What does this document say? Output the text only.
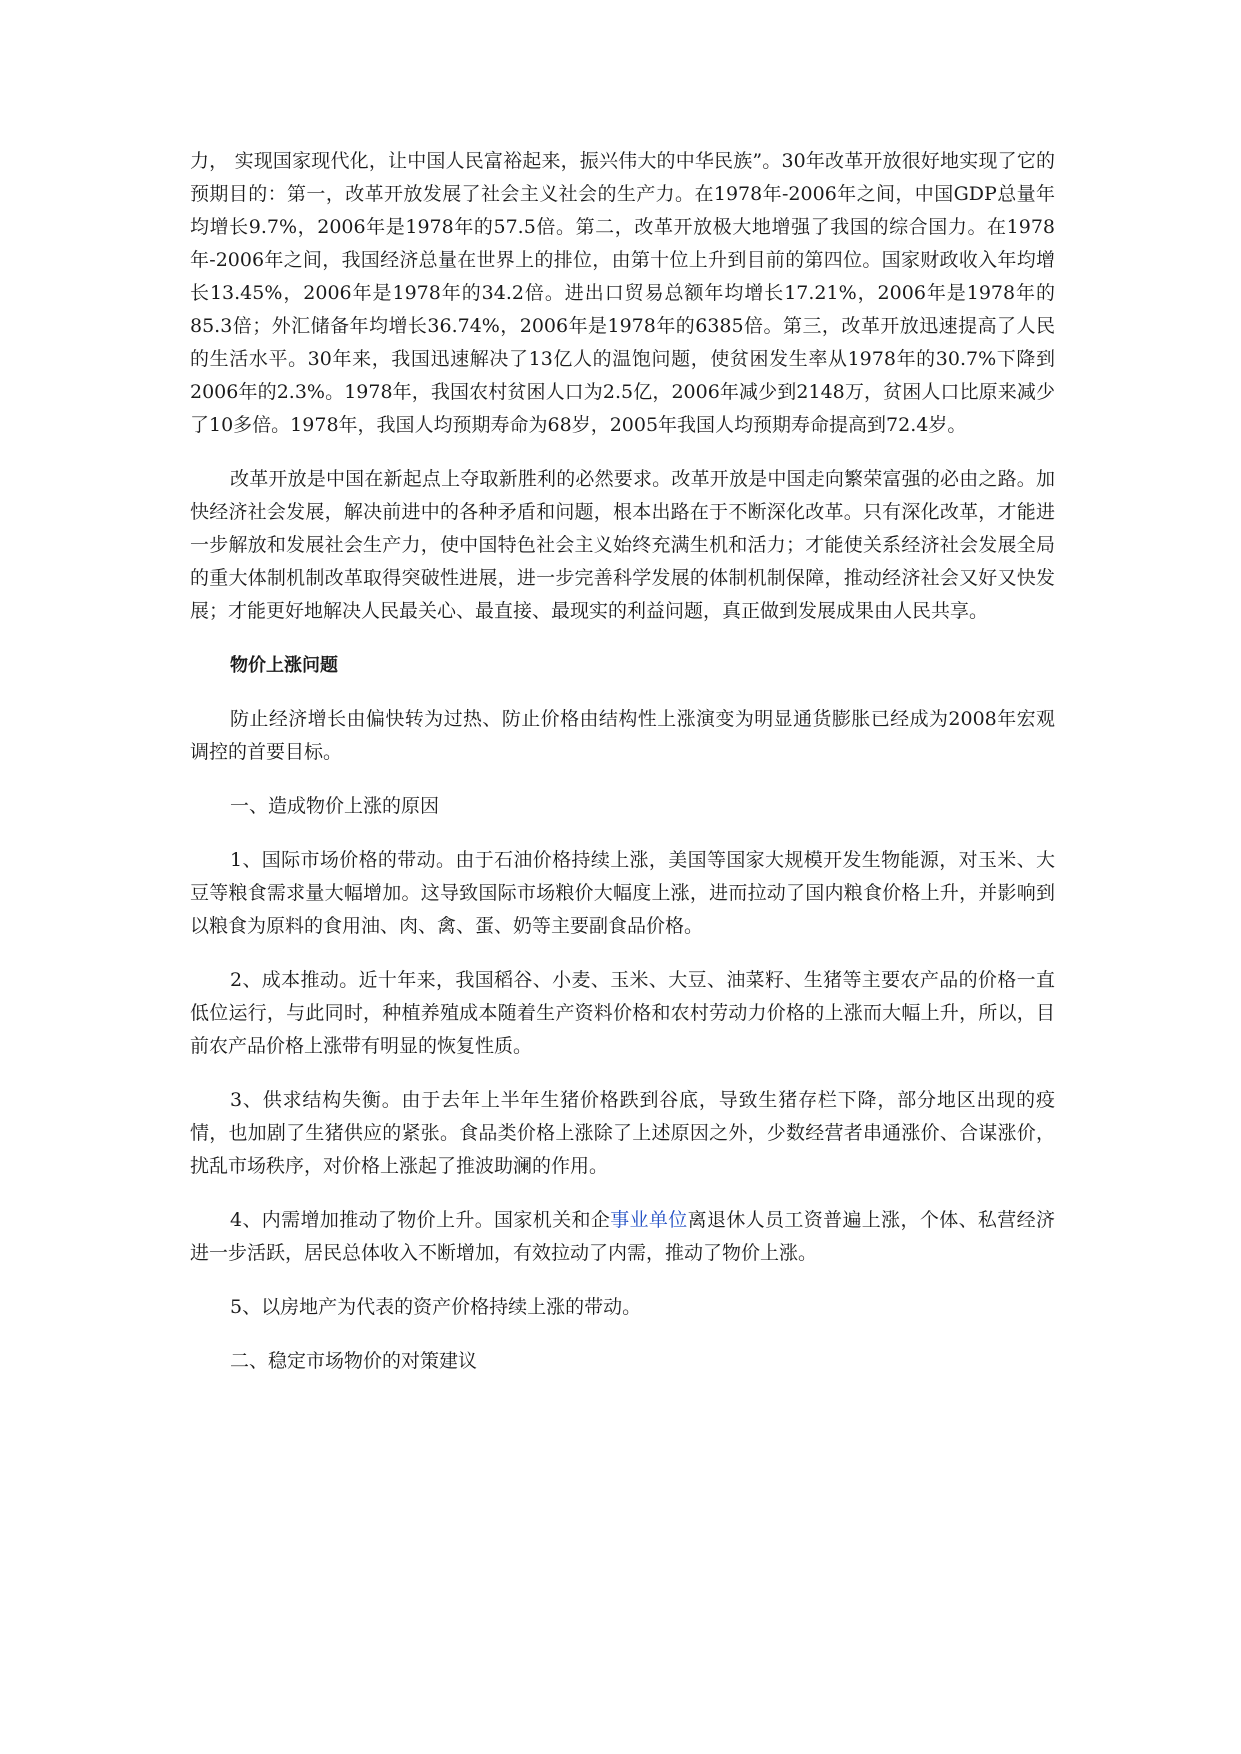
力， 实现国家现代化，让中国人民富裕起来，振兴伟大的中华民族”。30年改革开放很好地实现了它的预期目的：第一，改革开放发展了社会主义社会的生产力。在1978年-2006年之间，中国GDP总量年均增长9.7%，2006年是1978年的57.5倍。第二，改革开放极大地增强了我国的综合国力。在1978年-2006年之间，我国经济总量在世界上的排位，由第十位上升到目前的第四位。国家财政收入年均增长13.45%，2006年是1978年的34.2倍。进出口贸易总额年均增长17.21%，2006年是1978年的85.3倍；外汇储备年均增长36.74%，2006年是1978年的6385倍。第三，改革开放迅速提高了人民的生活水平。30年来，我国迅速解决了13亿人的温饱问题，使贫困发生率从1978年的30.7%下降到2006年的2.3%。1978年，我国农村贫困人口为2.5亿，2006年减少到2148万，贫困人口比原来减少了10多倍。1978年，我国人均预期寿命为68岁，2005年我国人均预期寿命提高到72.4岁。

改革开放是中国在新起点上夺取新胜利的必然要求。改革开放是中国走向繁荣富强的必由之路。加快经济社会发展，解决前进中的各种矛盾和问题，根本出路在于不断深化改革。只有深化改革，才能进一步解放和发展社会生产力，使中国特色社会主义始终充满生机和活力；才能使关系经济社会发展全局的重大体制机制改革取得突破性进展，进一步完善科学发展的体制机制保障，推动经济社会又好又快发展；才能更好地解决人民最关心、最直接、最现实的利益问题，真正做到发展成果由人民共享。

物价上涨问题

防止经济增长由偏快转为过热、防止价格由结构性上涨演变为明显通货膨胀已经成为2008年宏观调控的首要目标。

一、造成物价上涨的原因

1、国际市场价格的带动。由于石油价格持续上涨，美国等国家大规模开发生物能源，对玉米、大豆等粮食需求量大幅增加。这导致国际市场粮价大幅度上涨，进而拉动了国内粮食价格上升，并影响到以粮食为原料的食用油、肉、禽、蛋、奶等主要副食品价格。

2、成本推动。近十年来，我国稻谷、小麦、玉米、大豆、油菜籽、生猪等主要农产品的价格一直低位运行，与此同时，种植养殖成本随着生产资料价格和农村劳动力价格的上涨而大幅上升，所以，目前农产品价格上涨带有明显的恢复性质。

3、供求结构失衡。由于去年上半年生猪价格跌到谷底，导致生猪存栏下降，部分地区出现的疫情，也加剧了生猪供应的紧张。食品类价格上涨除了上述原因之外，少数经营者串通涨价、合谋涨价，扰乱市场秩序，对价格上涨起了推波助澜的作用。

4、内需增加推动了物价上升。国家机关和企事业单位离退休人员工资普遍上涨，个体、私营经济进一步活跃，居民总体收入不断增加，有效拉动了内需，推动了物价上涨。

5、以房地产为代表的资产价格持续上涨的带动。

二、稳定市场物价的对策建议
